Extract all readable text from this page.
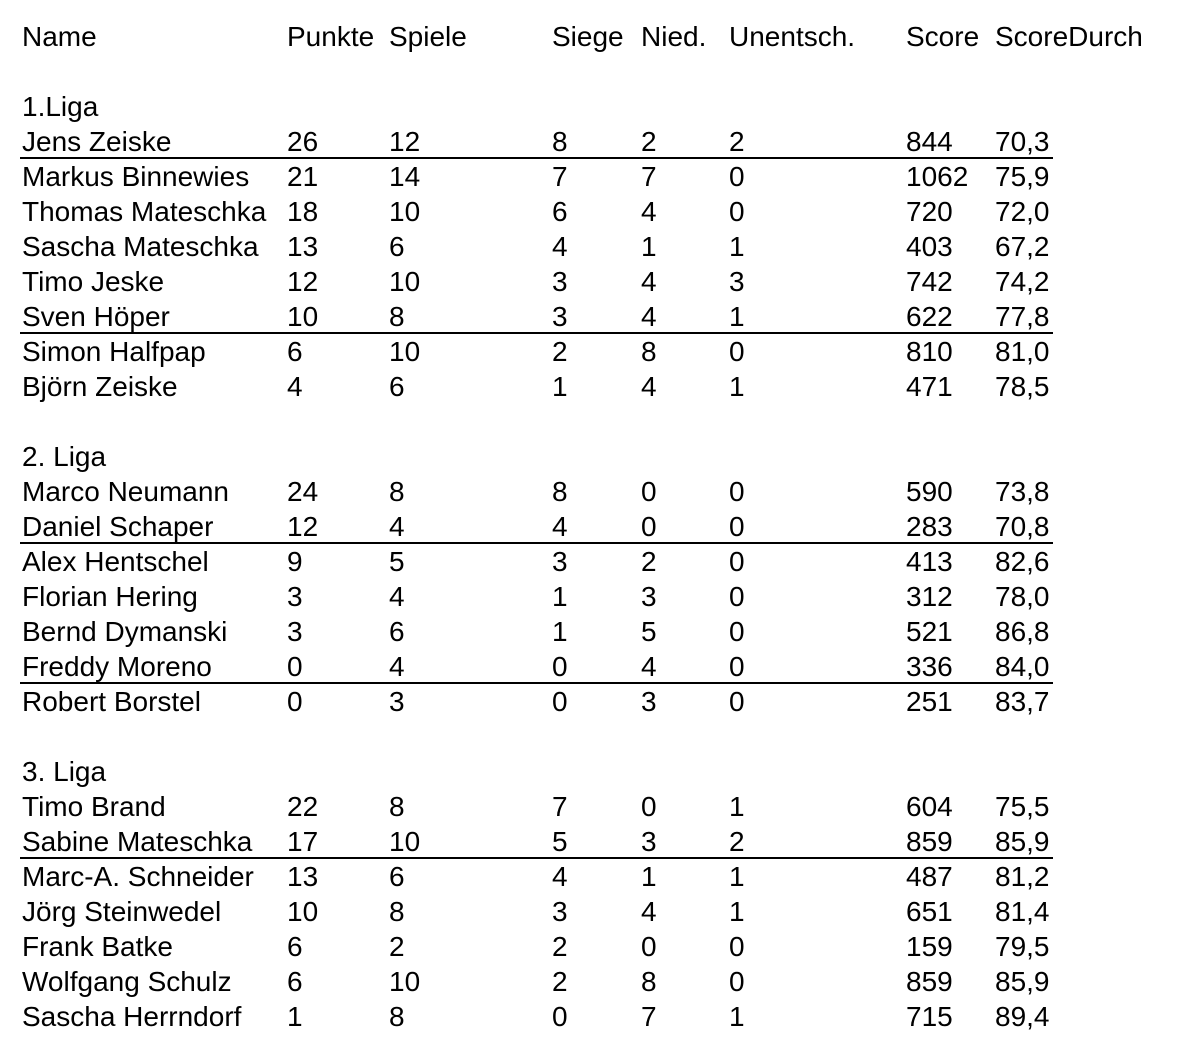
Name	Punkte Spiele	Siege Nied. Unentsch. Score ScoreDurch
1.Liga
Jens Zeiske	26	12	8	2	2	844 70,3
Markus Binnewies 21	14	7	7	0	1062 75,9
Thomas Mateschka 18	10	6	4	0	720 72,0
Sascha Mateschka 13	6	4	1	1	403 67,2
Timo Jeske	12	10	3	4	3	742 74,2
Sven Höper	10	8	3	4	1	622 77,8
Simon Halfpap	6	10	2	8	0	810 81,0
Björn Zeiske	4	6	1	4	1	471 78,5
2. Liga
Marco Neumann 24	8	8	0	0	590 73,8
Daniel Schaper	12	4	4	0	0	283 70,8
Alex Hentschel	9	5	3	2	0	413 82,6
Florian Hering	3	4	1	3	0	312 78,0
Bernd Dymanski 3	6	1	5	0	521 86,8
Freddy Moreno	0	4	0	4	0	336 84,0
Robert Borstel	0	3	0	3	0	251 83,7
3. Liga
Timo Brand	22	8	7	0	1	604 75,5
Sabine Mateschka 17	10	5	3	2	859 85,9
Marc-A. Schneider 13	6	4	1	1	487 81,2
Jörg Steinwedel 10	8	3	4	1	651 81,4
Frank Batke	6	2	2	0	0	159 79,5
Wolfgang Schulz 6	10	2	8	0	859 85,9
Sascha Herrndorf 1	8	0	7	1	715 89,4
